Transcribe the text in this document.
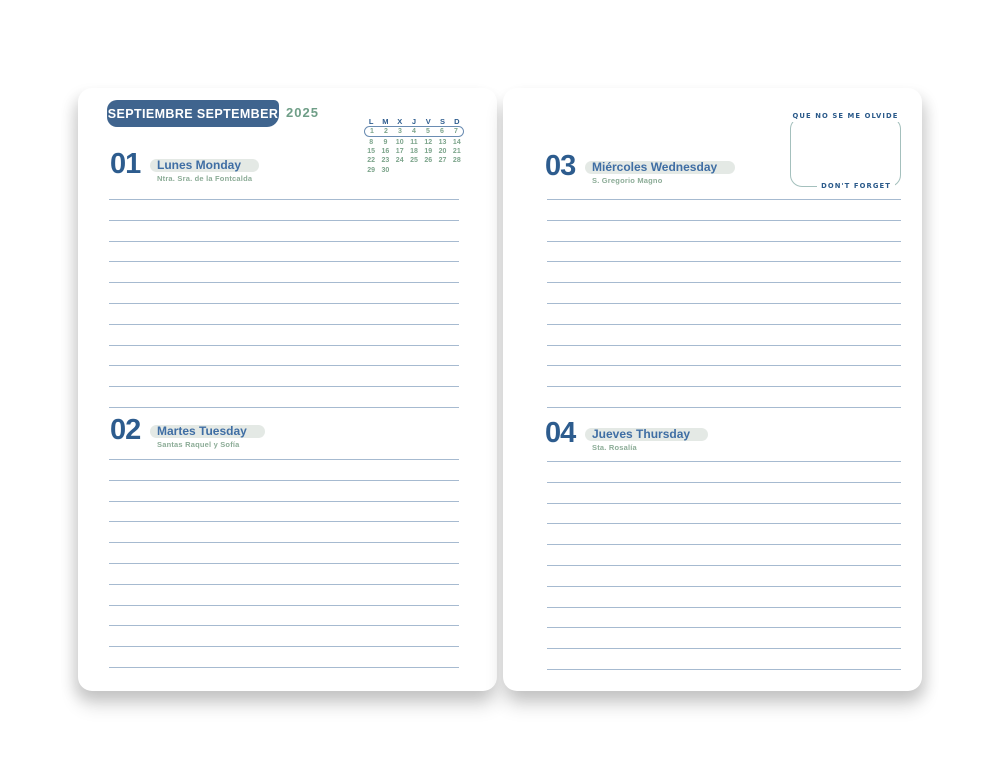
SEPTIEMBRE SEPTEMBER 2025
L	M	X	J	V	S	D
1	2	3	4	5	6	7
8	9	10 11 12 13 14
15 16 17 18 19 20 21
22 23 24 25 26 27 28
29 30
01 Lunes Monday
Ntra. Sra. de la Fontcalda
02 Martes Tuesday
Santas Raquel y Sofía
QUE NO SE ME OLVIDE
DON'T FORGET
03 Miércoles Wednesday
S. Gregorio Magno
04 Jueves Thursday
Sta. Rosalía
